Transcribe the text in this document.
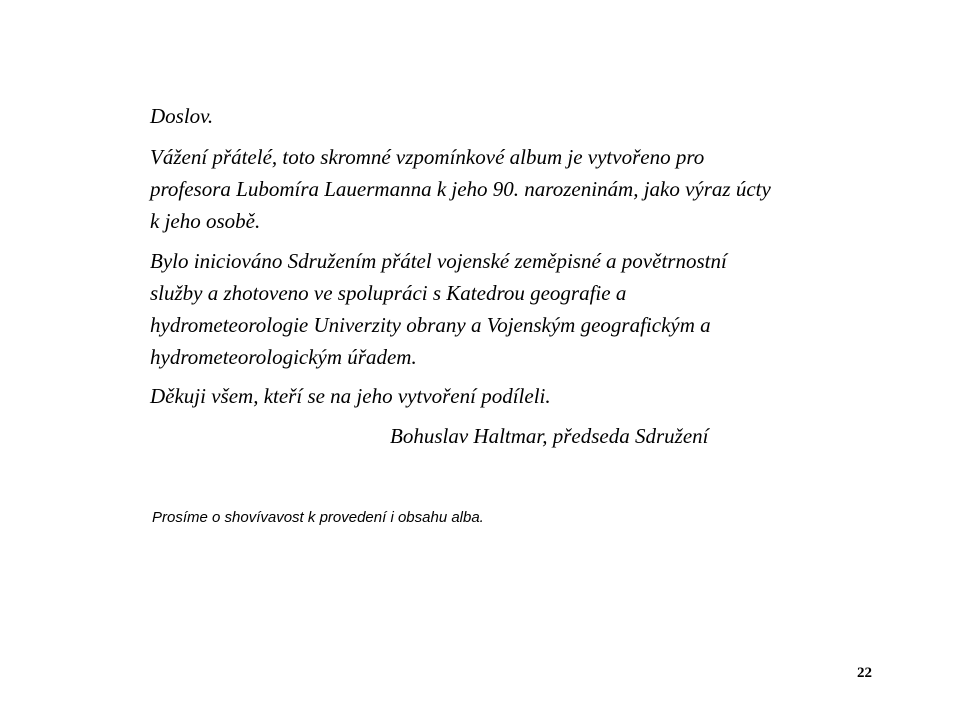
Doslov.
Vážení přátelé, toto skromné vzpomínkové album je vytvořeno pro
profesora Lubomíra Lauermanna k jeho 90. narozeninám, jako výraz úcty
k jeho osobě.
Bylo iniciováno Sdružením přátel vojenské zeměpisné a povětrnostní
služby a zhotoveno ve spolupráci s Katedrou geografie a
hydrometeorologie Univerzity obrany a Vojenským geografickým a
hydrometeorologickým úřadem.
Děkuji všem, kteří se na jeho vytvoření podíleli.
Bohuslav Haltmar, předseda Sdružení
Prosíme o shovívavost k provedení i obsahu alba.
22
